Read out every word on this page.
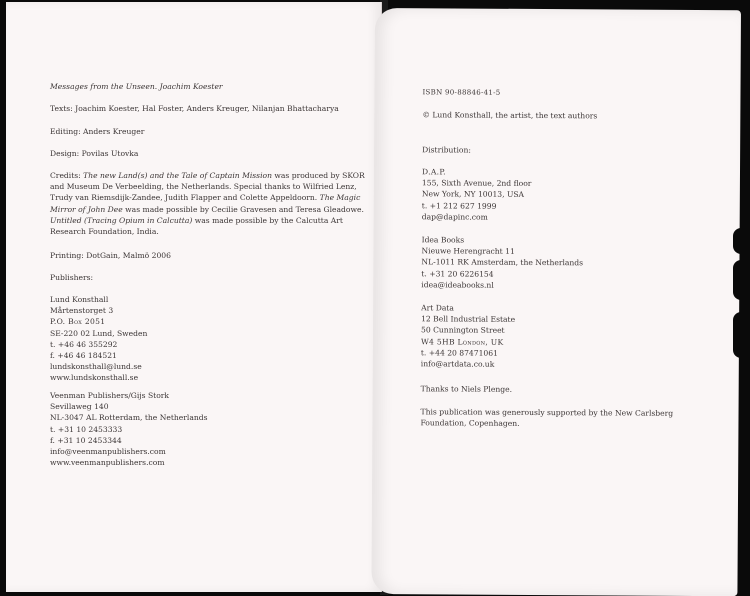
Messages from the Unseen. Joachim Koester
Texts: Joachim Koester, Hal Foster, Anders Kreuger, Nilanjan Bhattacharya
Editing: Anders Kreuger
Design: Povilas Utovka
Credits: The new Land(s) and the Tale of Captain Mission was produced by SKOR and Museum De Verbeelding, the Netherlands. Special thanks to Wilfried Lenz, Trudy van Riemsdijk-Zandee, Judith Flapper and Colette Appeldoorn. The Magic Mirror of John Dee was made possible by Cecilie Gravesen and Teresa Gleadowe. Untitled (Tracing Opium in Calcutta) was made possible by the Calcutta Art Research Foundation, India.
Printing: DotGain, Malmö 2006
Publishers:
Lund Konsthall
Mårtenstorget 3
P.O. Box 2051
SE-220 02 Lund, Sweden
t. +46 46 355292
f. +46 46 184521
lundskonsthall@lund.se
www.lundskonsthall.se
Veenman Publishers/Gijs Stork
Sevillaweg 140
NL-3047 AL Rotterdam, the Netherlands
t. +31 10 2453333
f. +31 10 2453344
info@veenmanpublishers.com
www.veenmanpublishers.com
ISBN 90-88846-41-5
© Lund Konsthall, the artist, the text authors
Distribution:
D.A.P.
155, Sixth Avenue, 2nd floor
New York, NY 10013, USA
t. +1 212 627 1999
dap@dapinc.com
Idea Books
Nieuwe Herengracht 11
NL-1011 RK Amsterdam, the Netherlands
t. +31 20 6226154
idea@ideabooks.nl
Art Data
12 Bell Industrial Estate
50 Cunnington Street
W4 5HB London, UK
t. +44 20 87471061
info@artdata.co.uk
Thanks to Niels Plenge.
This publication was generously supported by the New Carlsberg Foundation, Copenhagen.
